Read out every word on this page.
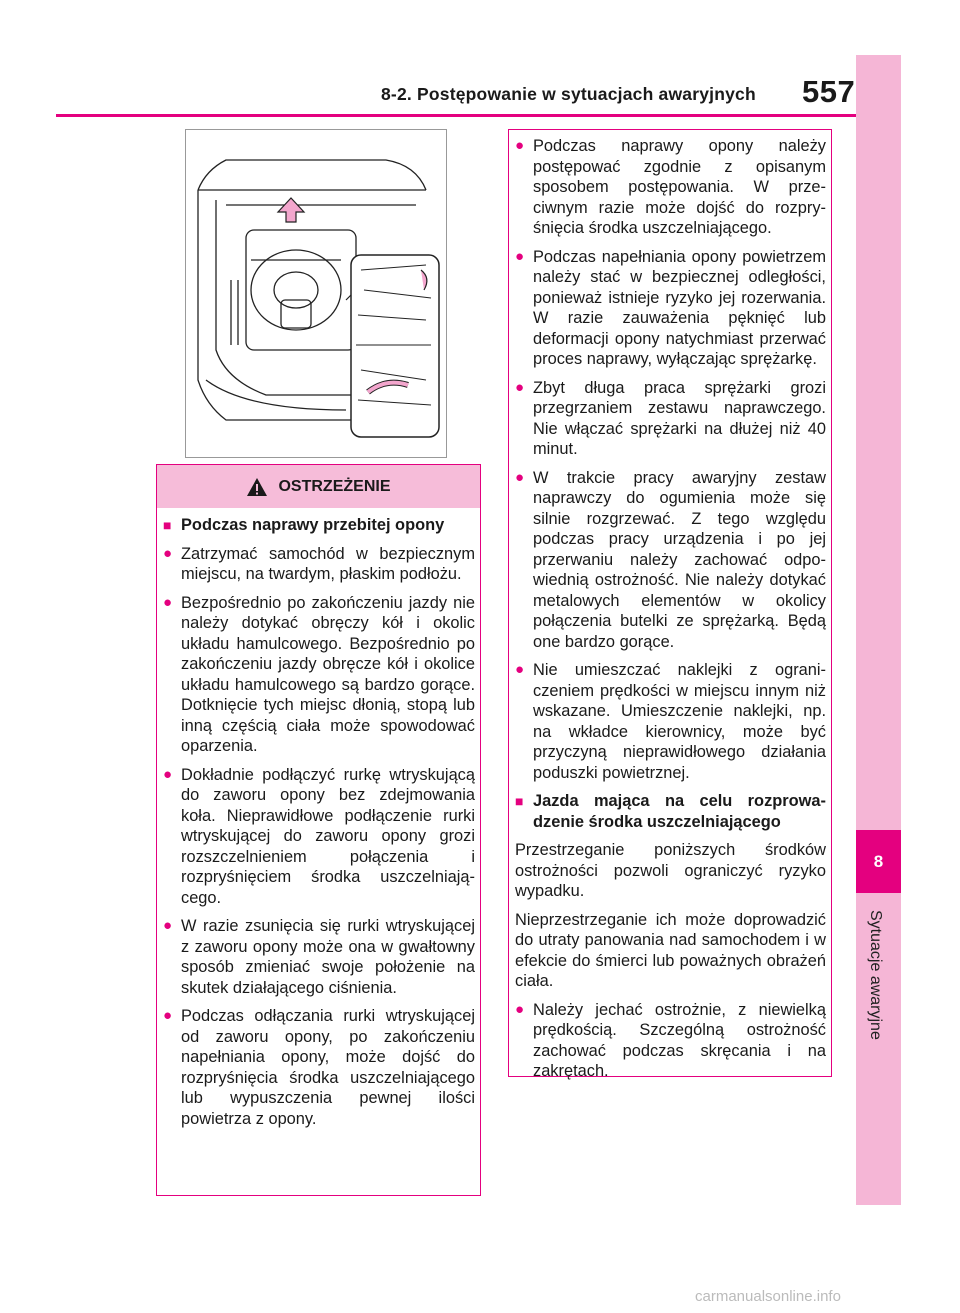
8-2. Postępowanie w sytuacjach awaryjnych 557
8
Sytuacje awaryjne
OSTRZEŻENIE
■ Podczas naprawy przebitej opony
● Zatrzymać samochód w bezpiecznym miejscu, na twardym, płaskim podłożu.
● Bezpośrednio po zakończeniu jazdy nie należy dotykać obręczy kół i okolic układu hamulcowego. Bezpośrednio po zakończeniu jazdy obręcze kół i okolice układu hamulcowego są bardzo gorące. Dotknięcie tych miejsc dłonią, stopą lub inną częścią ciała może spowodować oparzenia.
● Dokładnie podłączyć rurkę wtryskującą do zaworu opony bez zdejmowania koła. Nieprawidłowe podłączenie rurki wtryskującej do zaworu opony grozi rozszczelnieniem połączenia i rozpryśnięciem środka uszczelniającego.
● W razie zsunięcia się rurki wtryskującej z zaworu opony może ona w gwałtowny sposób zmieniać swoje położenie na skutek działającego ciśnienia.
● Podczas odłączania rurki wtryskującej od zaworu opony, po zakończeniu napełniania opony, może dojść do rozpryśnięcia środka uszczelniającego lub wypuszczenia pewnej ilości powietrza z opony.
● Podczas naprawy opony należy postępować zgodnie z opisanym sposobem postępowania. W przeciwnym razie może dojść do rozpryśnięcia środka uszczelniającego.
● Podczas napełniania opony powietrzem należy stać w bezpiecznej odległości, ponieważ istnieje ryzyko jej rozerwania. W razie zauważenia pęknięć lub deformacji opony natychmiast przerwać proces naprawy, wyłączając sprężarkę.
● Zbyt długa praca sprężarki grozi przegrzaniem zestawu naprawczego. Nie włączać sprężarki na dłużej niż 40 minut.
● W trakcie pracy awaryjny zestaw naprawczy do ogumienia może się silnie rozgrzewać. Z tego względu podczas pracy urządzenia i po jej przerwaniu należy zachować odpowiednią ostrożność. Nie należy dotykać metalowych elementów w okolicy połączenia butelki ze sprężarką. Będą one bardzo gorące.
● Nie umieszczać naklejki z ograniczeniem prędkości w miejscu innym niż wskazane. Umieszczenie naklejki, np. na wkładce kierownicy, może być przyczyną nieprawidłowego działania poduszki powietrznej.
■ Jazda mająca na celu rozprowadzenie środka uszczelniającego
Przestrzeganie poniższych środków ostrożności pozwoli ograniczyć ryzyko wypadku.
Nieprzestrzeganie ich może doprowadzić do utraty panowania nad samochodem i w efekcie do śmierci lub poważnych obrażeń ciała.
● Należy jechać ostrożnie, z niewielką prędkością. Szczególną ostrożność zachować podczas skręcania i na zakrętach.
carmanualsonline.info
